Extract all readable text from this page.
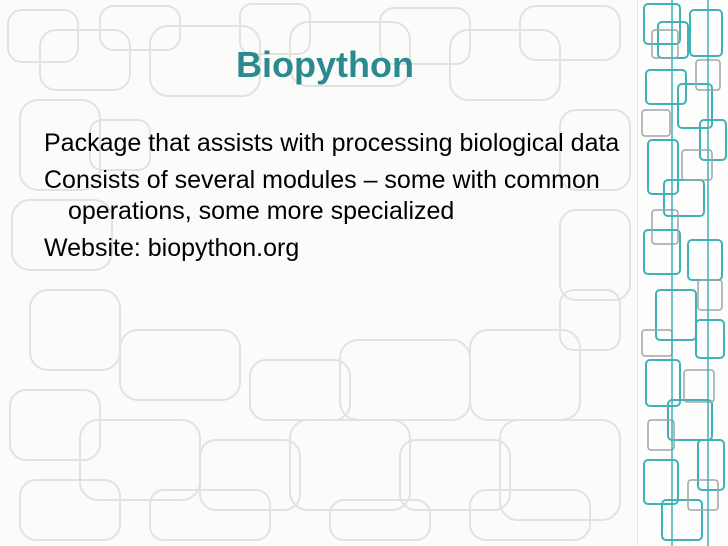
Biopython
Package that assists with processing biological data
Consists of several modules – some with common operations, some more specialized
Website: biopython.org
